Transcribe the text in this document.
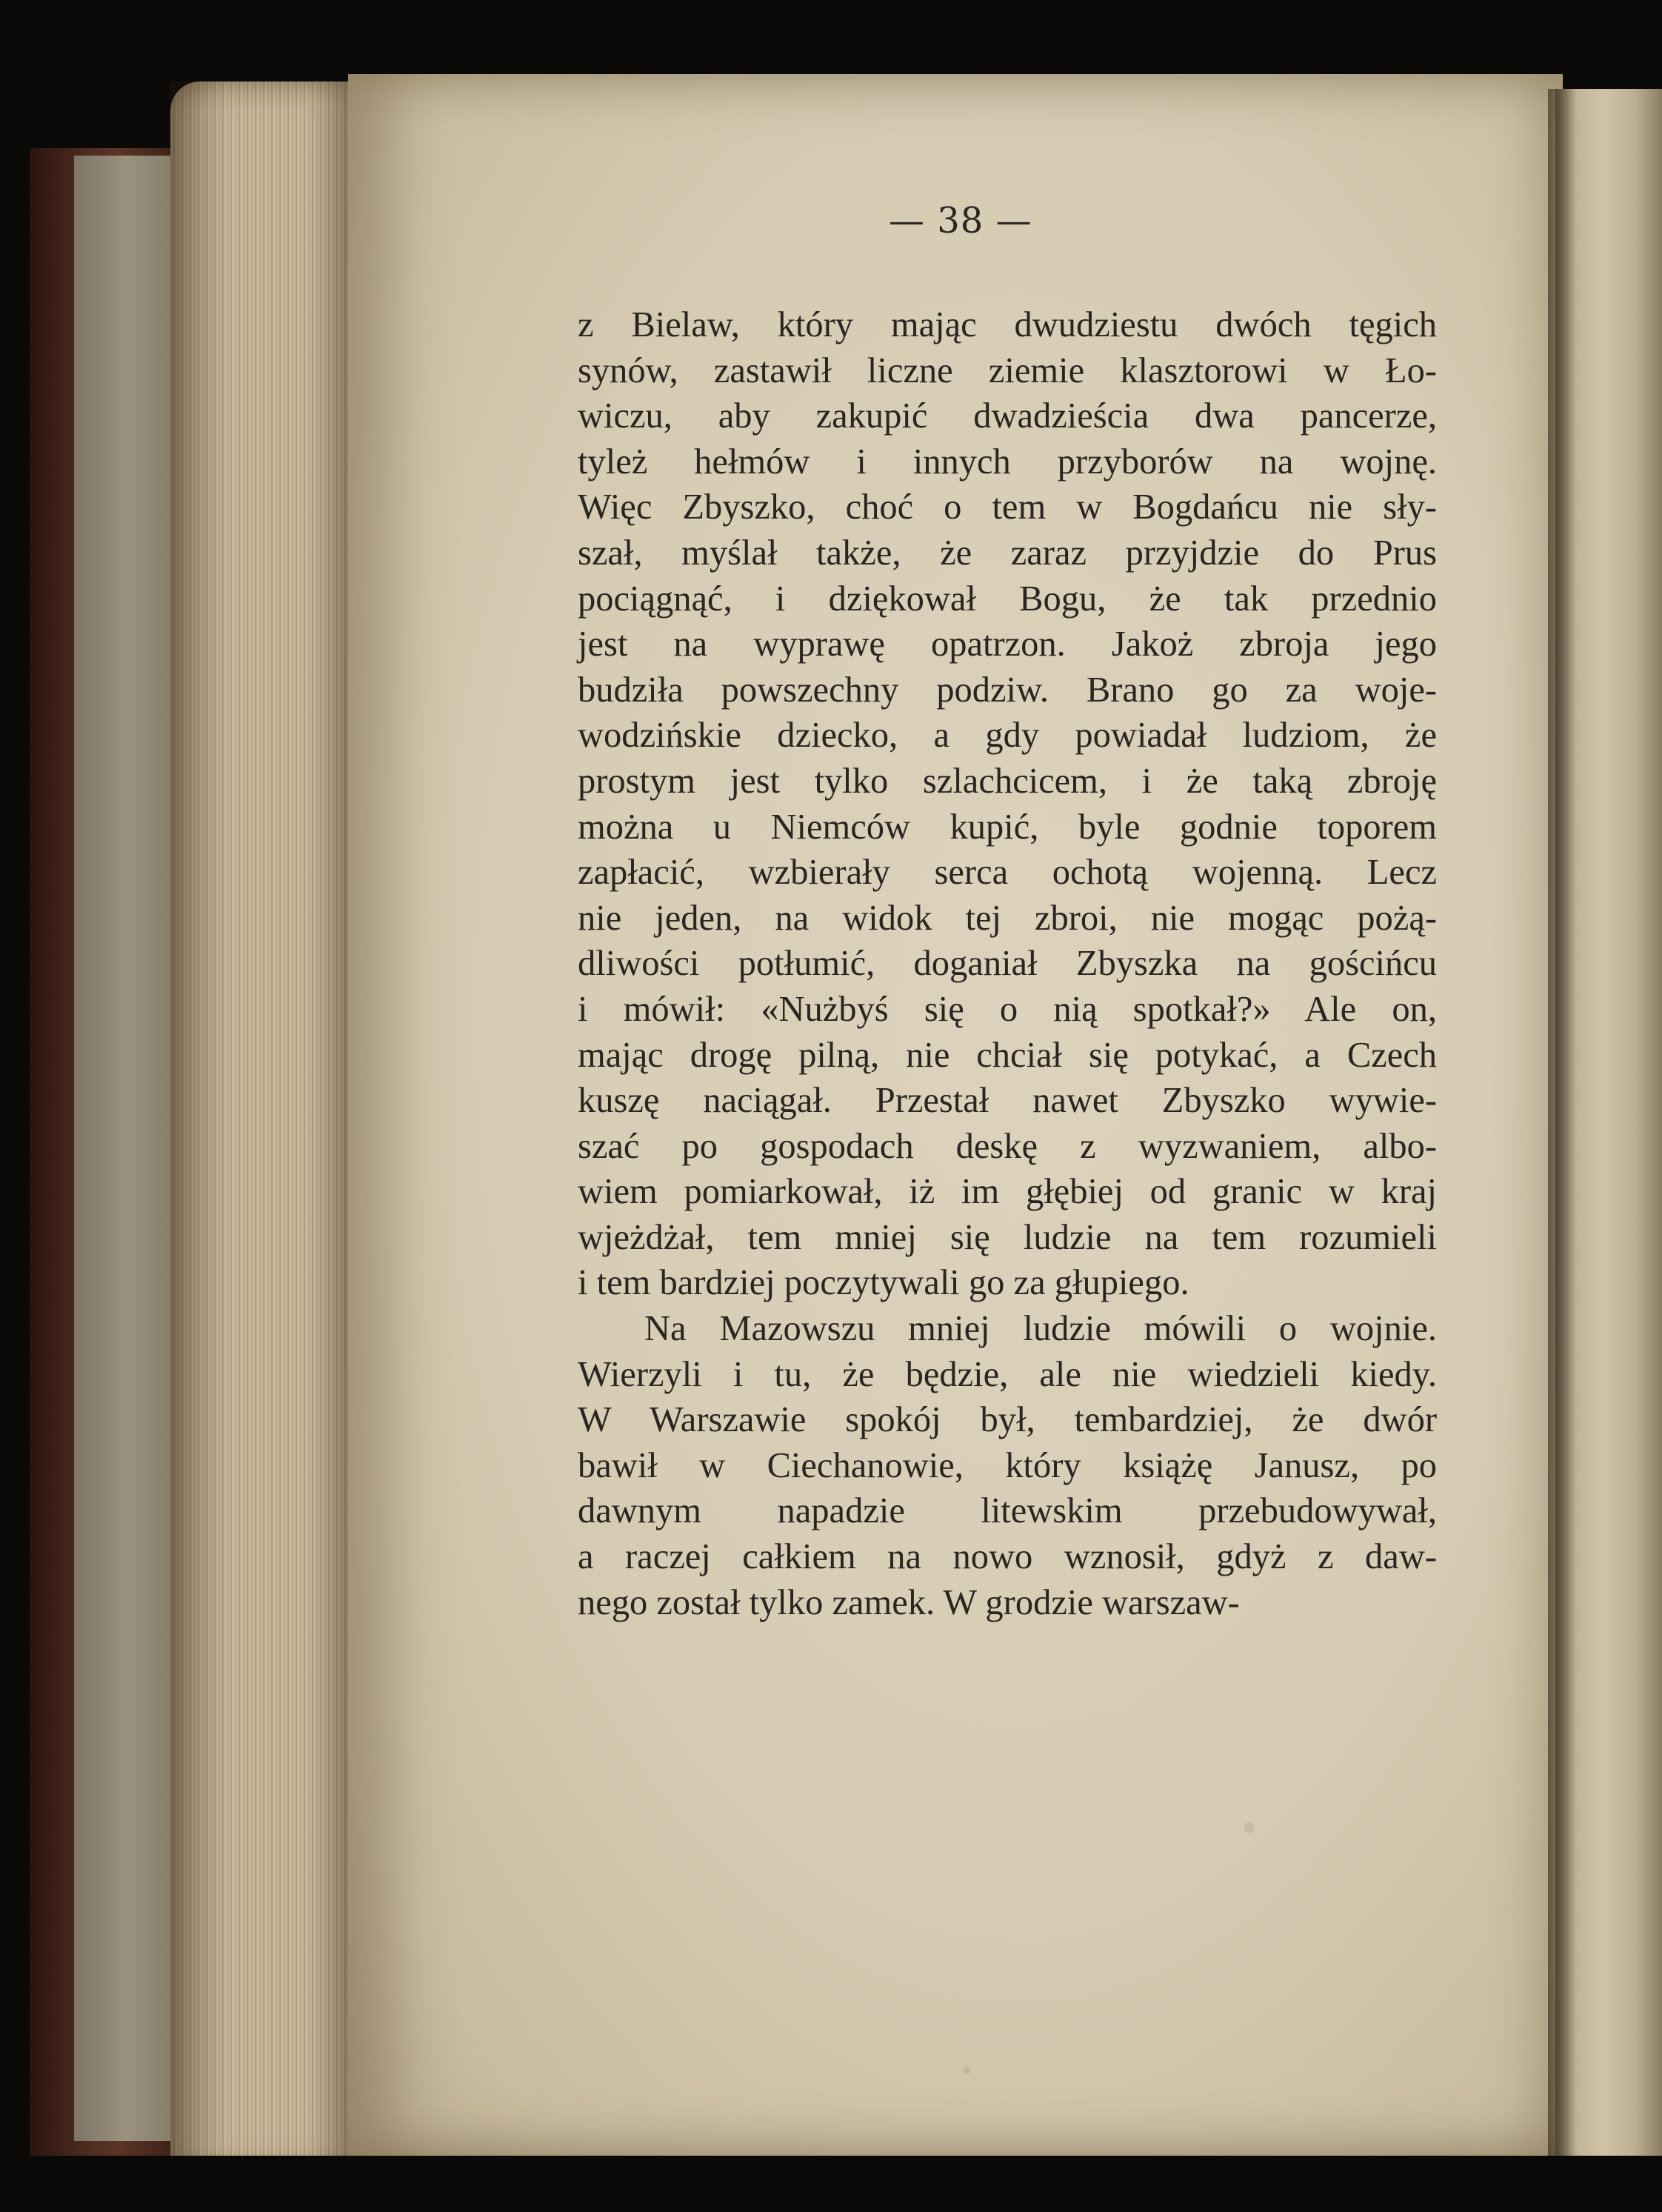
— 38 —
z Bielaw, który mając dwudziestu dwóch tęgich
synów, zastawił liczne ziemie klasztorowi w Ło-
wiczu, aby zakupić dwadzieścia dwa pancerze,
tyleż hełmów i innych przyborów na wojnę.
Więc Zbyszko, choć o tem w Bogdańcu nie sły-
szał, myślał także, że zaraz przyjdzie do Prus
pociągnąć, i dziękował Bogu, że tak przednio
jest na wyprawę opatrzon. Jakoż zbroja jego
budziła powszechny podziw. Brano go za woje-
wodzińskie dziecko, a gdy powiadał ludziom, że
prostym jest tylko szlachcicem, i że taką zbroję
można u Niemców kupić, byle godnie toporem
zapłacić, wzbierały serca ochotą wojenną. Lecz
nie jeden, na widok tej zbroi, nie mogąc pożą-
dliwości potłumić, doganiał Zbyszka na gościńcu
i mówił: «Nużbyś się o nią spotkał?» Ale on,
mając drogę pilną, nie chciał się potykać, a Czech
kuszę naciągał. Przestał nawet Zbyszko wywie-
szać po gospodach deskę z wyzwaniem, albo-
wiem pomiarkował, iż im głębiej od granic w kraj
wjeżdżał, tem mniej się ludzie na tem rozumieli
i tem bardziej poczytywali go za głupiego.
Na Mazowszu mniej ludzie mówili o wojnie.
Wierzyli i tu, że będzie, ale nie wiedzieli kiedy.
W Warszawie spokój był, tembardziej, że dwór
bawił w Ciechanowie, który książę Janusz, po
dawnym napadzie litewskim przebudowywał,
a raczej całkiem na nowo wznosił, gdyż z daw-
nego został tylko zamek. W grodzie warszaw-
